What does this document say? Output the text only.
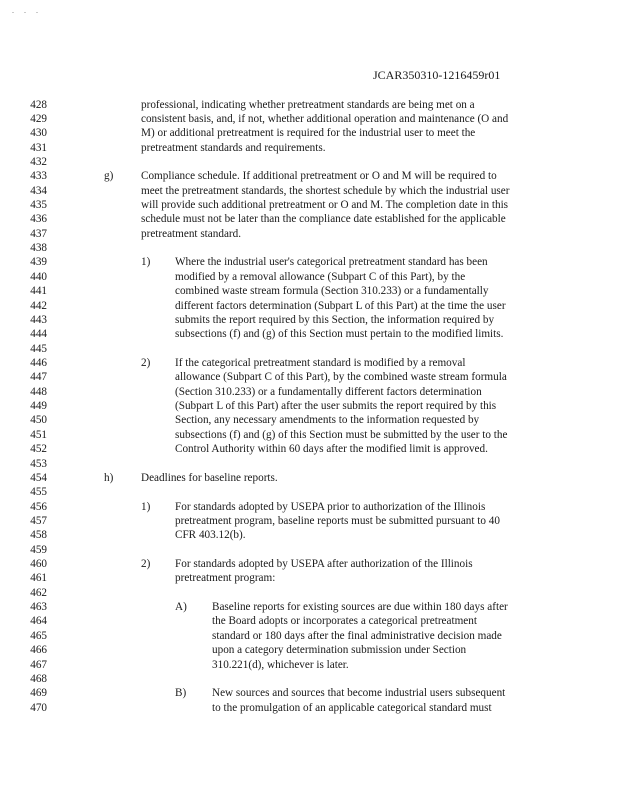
. . .
JCAR350310-1216459r01
428	professional, indicating whether pretreatment standards are being met on a
429	consistent basis, and, if not, whether additional operation and maintenance (O and
430	M) or additional pretreatment is required for the industrial user to meet the
431	pretreatment standards and requirements.
432
433	g) Compliance schedule. If additional pretreatment or O and M will be required to
434	meet the pretreatment standards, the shortest schedule by which the industrial user
435	will provide such additional pretreatment or O and M. The completion date in this
436	schedule must not be later than the compliance date established for the applicable
437	pretreatment standard.
438
439	1) Where the industrial user's categorical pretreatment standard has been
440	modified by a removal allowance (Subpart C of this Part), by the
441	combined waste stream formula (Section 310.233) or a fundamentally
442	different factors determination (Subpart L of this Part) at the time the user
443	submits the report required by this Section, the information required by
444	subsections (f) and (g) of this Section must pertain to the modified limits.
445
446	2) If the categorical pretreatment standard is modified by a removal
447	allowance (Subpart C of this Part), by the combined waste stream formula
448	(Section 310.233) or a fundamentally different factors determination
449	(Subpart L of this Part) after the user submits the report required by this
450	Section, any necessary amendments to the information requested by
451	subsections (f) and (g) of this Section must be submitted by the user to the
452	Control Authority within 60 days after the modified limit is approved.
453
454	h) Deadlines for baseline reports.
455
456	1) For standards adopted by USEPA prior to authorization of the Illinois
457	pretreatment program, baseline reports must be submitted pursuant to 40
458	CFR 403.12(b).
459
460	2) For standards adopted by USEPA after authorization of the Illinois
461	pretreatment program:
462
463	A) Baseline reports for existing sources are due within 180 days after
464	the Board adopts or incorporates a categorical pretreatment
465	standard or 180 days after the final administrative decision made
466	upon a category determination submission under Section
467	310.221(d), whichever is later.
468
469	B) New sources and sources that become industrial users subsequent
470	to the promulgation of an applicable categorical standard must
